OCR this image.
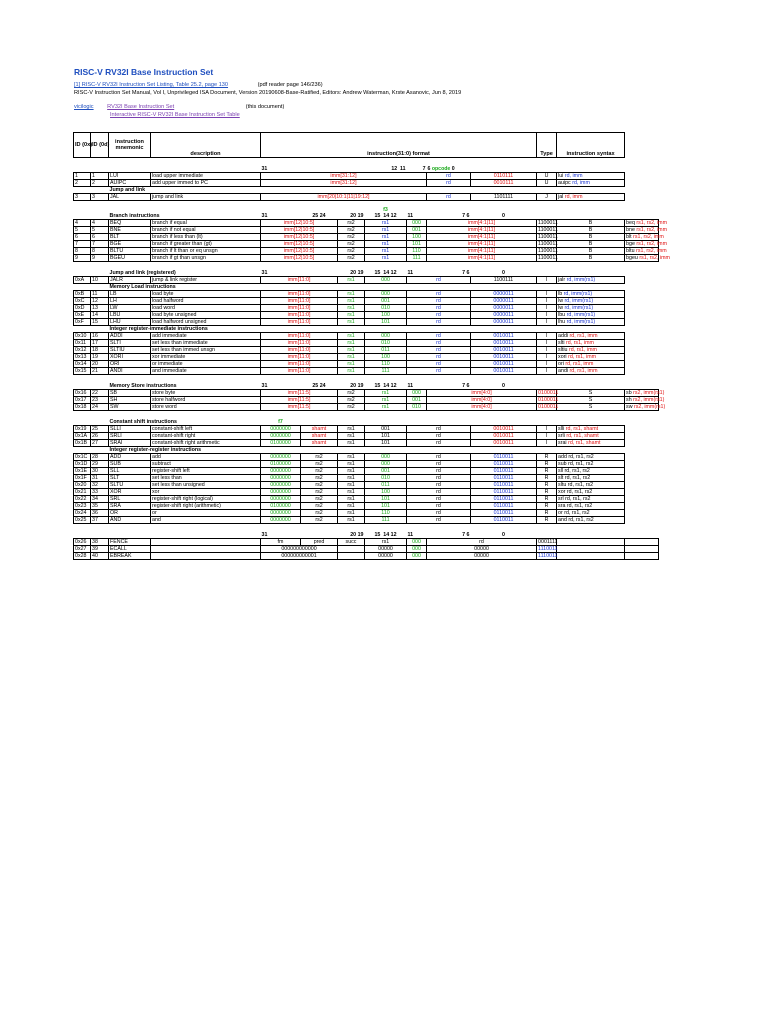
RISC-V RV32I Base Instruction Set
[1] RISC-V RV32I Instruction Set Listing, Table 25.2, page 130	(pdf reader page 146/236)
RISC-V Instruction Set Manual, Vol I, Unprivileged ISA Document, Version 20190608-Base-Ratified, Editors: Andrew Waterman, Krste Asanovic, Jun 8, 2019
vicilogic RV32I Base Instruction Set	(this document)
Interactive RISC-V RV32I Base Instruction Set Table
ID (0x)	ID (0d)	instruction mnemonic	description	instruction(31:0) format							Type	instruction syntax	
				31			12 11	7	6 opcode 0				
1	1	LUI	load upper immediate	imm[31:12]					rd	0110111	U	lui rd, imm	
2	2	AUIPC	add upper immed to PC	imm[31:12]					rd	0010111	U	auipc rd, imm	
		Jump and link											
3	3	JAL	jump and link	imm[20|10:1|11|19:12]					rd	1101111	J	jal rd, imm	
							f3						
		Branch instructions		31	25 24	20 19	15 14 12	11	7 6	0			
4	4	BEQ	branch if equal	imm[12|10:5]		rs2	rs1	000	imm[4:1|11]		1100011	B	beq rs1, rs2, imm
5	5	BNE	branch if not equal	imm[12|10:5]		rs2	rs1	001	imm[4:1|11]		1100011	B	bne rs1, rs2, imm
6	6	BLT	branch if less than (lt)	imm[12|10:5]		rs2	rs1	100	imm[4:1|11]		1100011	B	blt rs1, rs2, imm
7	7	BGE	branch if greater than (gt)	imm[12|10:5]		rs2	rs1	101	imm[4:1|11]		1100011	B	bge rs1, rs2, imm
8	8	BLTU	branch if lt than or eq unsgn	imm[12|10:5]		rs2	rs1	110	imm[4:1|11]		1100011	B	bltu rs1, rs2, imm
9	9	BGEU	branch if gt than unsgn	imm[12|10:5]		rs2	rs1	111	imm[4:1|11]		1100011	B	bgeu rs1, rs2, imm
		Jump and link (registered)		31		20 19	15 14 12	11	7 6	0			
0xA	10	JALR	jump & link register	imm[11:0]		rs1	000	rd		1100111	I	jalr rd, imm(rs1)	
		Memory Load instructions											
0xB	11	LB	load byte	imm[11:0]		rs1	000	rd		0000011	I	lb rd, imm(rs1)	
0xC	12	LH	load halfword	imm[11:0]		rs1	001	rd		0000011	I	lw rd, imm(rs1)	
0xD	13	LW	load word	imm[11:0]		rs1	010	rd		0000011	I	lw rd, imm(rs1)	
0xE	14	LBU	load byte unsigned	imm[11:0]		rs1	100	rd		0000011	I	lbu rd, imm(rs1)	
0xF	15	LHU	load halfword unsigned	imm[11:0]		rs1	101	rd		0000011	I	lhu rd, imm(rs1)	
		Integer register-immediate instructions											
0x10	16	ADDI	add immediate	imm[11:0]		rs1	000	rd		0010011	I	addi rd, rs1, imm	
0x11	17	SLTI	set less than immediate	imm[11:0]		rs1	010	rd		0010011	I	slti rd, rs1, imm	
0x12	18	SLTIU	set less than immed unsgn	imm[11:0]		rs1	011	rd		0010011	I	sltiu rd, rs1, imm	
0x13	19	XORI	xor immediate	imm[11:0]		rs1	100	rd		0010011	I	xori rd, rs1, imm	
0x14	20	ORI	or immediate	imm[11:0]		rs1	110	rd		0010011	I	ori rd, rs1, imm	
0x15	21	ANDI	and immediate	imm[11:0]		rs1	111	rd		0010011	I	andi rd, rs1, imm	
		Memory Store instructions		31	25 24	20 19	15 14 12	11	7 6	0			
0x16	22	SB	store byte	imm[11:5]		rs2	rs1	000	imm[4:0]		0100011	S	sb rs2, imm(rs1)
0x17	23	SH	store halfword	imm[11:5]		rs2	rs1	001	imm[4:0]		0100011	S	sh rs2, imm(rs1)
0x18	24	SW	store word	imm[11:5]		rs2	rs1	010	imm[4:0]		0100011	S	sw rs2, imm(rs1)
		Constant shift instructions		f7									
0x19	25	SLLI	constant-shift left	0000000	shamt	rs1	001	rd		0010011	I	slli rd, rs1, shamt	
0x1A	26	SRLI	constant-shift right	0000000	shamt	rs1	101	rd		0010011	I	srli rd, rs1, shamt	
0x1B	27	SRAI	constant-shift right arithmetic	0100000	shamt	rs1	101	rd		0010011	I	srai rd, rs1, shamt	
		Integer register-register instructions											
0x1C	28	ADD	add	0000000	rs2	rs1	000	rd		0110011	R	add rd, rs1, rs2	
0x1D	29	SUB	subtract	0100000	rs2	rs1	000	rd		0110011	R	sub rd, rs1, rs2	
0x1E	30	SLL	register-shift left	0000000	rs2	rs1	001	rd		0110011	R	sll rd, rs1, rs2	
0x1F	31	SLT	set less than	0000000	rs2	rs1	010	rd		0110011	R	slt rd, rs1, rs2	
0x20	32	SLTU	set less than unsigned	0000000	rs2	rs1	011	rd		0110011	R	sltu rd, rs1, rs2	
0x21	33	XOR	xor	0000000	rs2	rs1	100	rd		0110011	R	xor rd, rs1, rs2	
0x22	34	SRL	register-shift right (logical)	0000000	rs2	rs1	101	rd		0110011	R	srl rd, rs1, rs2	
0x23	35	SRA	register-shift right (arithmetic)	0100000	rs2	rs1	101	rd		0110011	R	sra rd, rs1, rs2	
0x24	36	OR	or	0000000	rs2	rs1	110	rd		0110011	R	or rd, rs1, rs2	
0x25	37	AND	and	0000000	rs2	rs1	111	rd		0110011	R	and rd, rs1, rs2	
				31		20 19	15 14 12	11	7 6	0			
0x26	38	FENCE		fm	pred	succ	rs1	000	rd		0001111		
0x27	39	ECALL		000000000000			00000	000	00000		1110011		
0x28	40	EBREAK		000000000001			00000	000	00000		1110011		
